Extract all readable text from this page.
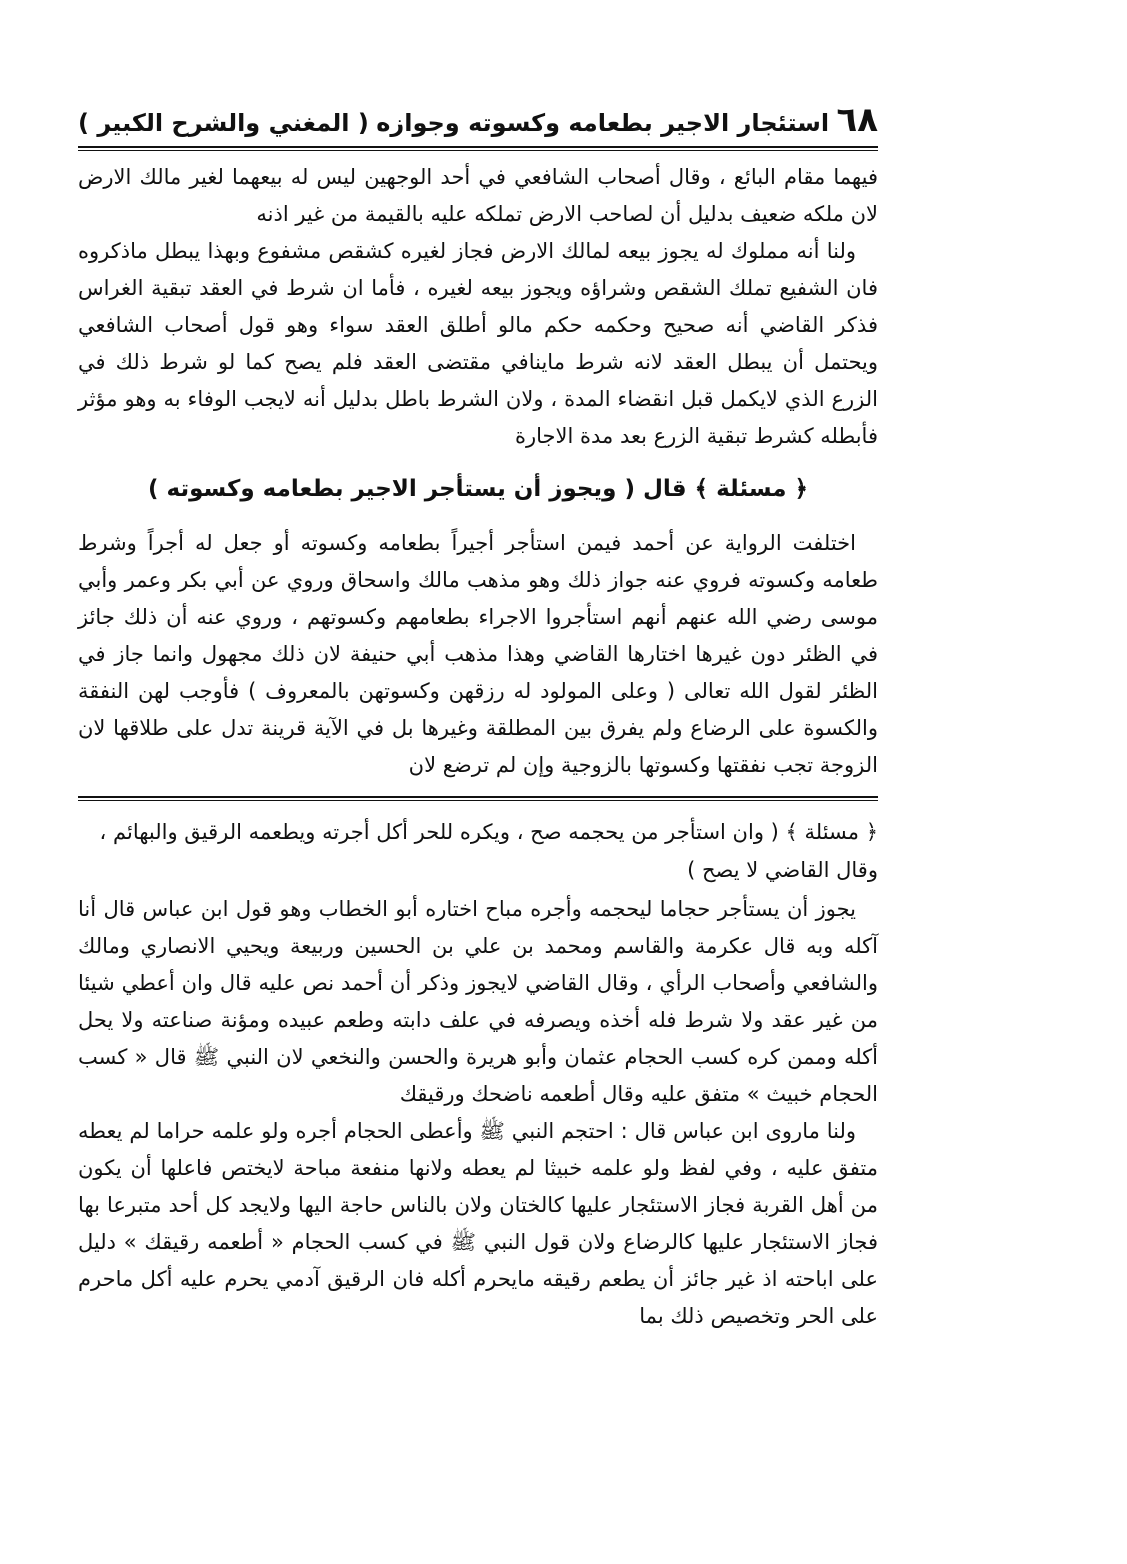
٦٨
استئجار الاجير بطعامه وكسوته وجوازه
( المغني والشرح الكبير )

فيهما مقام البائع ، وقال أصحاب الشافعي في أحد الوجهين ليس له بيعهما لغير مالك الارض لان ملكه ضعيف بدليل أن لصاحب الارض تملكه عليه بالقيمة من غير اذنه

ولنا أنه مملوك له يجوز بيعه لمالك الارض فجاز لغيره كشقص مشفوع وبهذا يبطل ماذكروه فان الشفيع تملك الشقص وشراؤه ويجوز بيعه لغيره ، فأما ان شرط في العقد تبقية الغراس فذكر القاضي أنه صحيح وحكمه حكم مالو أطلق العقد سواء وهو قول أصحاب الشافعي ويحتمل أن يبطل العقد لانه شرط ماينافي مقتضى العقد فلم يصح كما لو شرط ذلك في الزرع الذي لايكمل قبل انقضاء المدة ، ولان الشرط باطل بدليل أنه لايجب الوفاء به وهو مؤثر فأبطله كشرط تبقية الزرع بعد مدة الاجارة

﴿ مسئلة ﴾ قال ( ويجوز أن يستأجر الاجير بطعامه وكسوته )

اختلفت الرواية عن أحمد فيمن استأجر أجيراً بطعامه وكسوته أو جعل له أجراً وشرط طعامه وكسوته فروي عنه جواز ذلك وهو مذهب مالك واسحاق وروي عن أبي بكر وعمر وأبي موسى رضي الله عنهم أنهم استأجروا الاجراء بطعامهم وكسوتهم ، وروي عنه أن ذلك جائز في الظئر دون غيرها اختارها القاضي وهذا مذهب أبي حنيفة لان ذلك مجهول وانما جاز في الظئر لقول الله تعالى ( وعلى المولود له رزقهن وكسوتهن بالمعروف ) فأوجب لهن النفقة والكسوة على الرضاع ولم يفرق بين المطلقة وغيرها بل في الآية قرينة تدل على طلاقها لان الزوجة تجب نفقتها وكسوتها بالزوجية وإن لم ترضع لان

﴿ مسئلة ﴾ ( وان استأجر من يحجمه صح ، ويكره للحر أكل أجرته ويطعمه الرقيق والبهائم ، وقال القاضي لا يصح )

يجوز أن يستأجر حجاما ليحجمه وأجره مباح اختاره أبو الخطاب وهو قول ابن عباس قال أنا آكله وبه قال عكرمة والقاسم ومحمد بن علي بن الحسين وربيعة ويحيي الانصاري ومالك والشافعي وأصحاب الرأي ، وقال القاضي لايجوز وذكر أن أحمد نص عليه قال وان أعطي شيئا من غير عقد ولا شرط فله أخذه ويصرفه في علف دابته وطعم عبيده ومؤنة صناعته ولا يحل أكله وممن كره كسب الحجام عثمان وأبو هريرة والحسن والنخعي لان النبي ﷺ قال « كسب الحجام خبيث » متفق عليه وقال أطعمه ناضحك ورقيقك

ولنا ماروى ابن عباس قال : احتجم النبي ﷺ وأعطى الحجام أجره ولو علمه حراما لم يعطه متفق عليه ، وفي لفظ ولو علمه خبيثا لم يعطه ولانها منفعة مباحة لايختص فاعلها أن يكون من أهل القربة فجاز الاستئجار عليها كالختان ولان بالناس حاجة اليها ولايجد كل أحد متبرعا بها فجاز الاستئجار عليها كالرضاع ولان قول النبي ﷺ في كسب الحجام « أطعمه رقيقك » دليل على اباحته اذ غير جائز أن يطعم رقيقه مايحرم أكله فان الرقيق آدمي يحرم عليه أكل ماحرم على الحر وتخصيص ذلك بما
